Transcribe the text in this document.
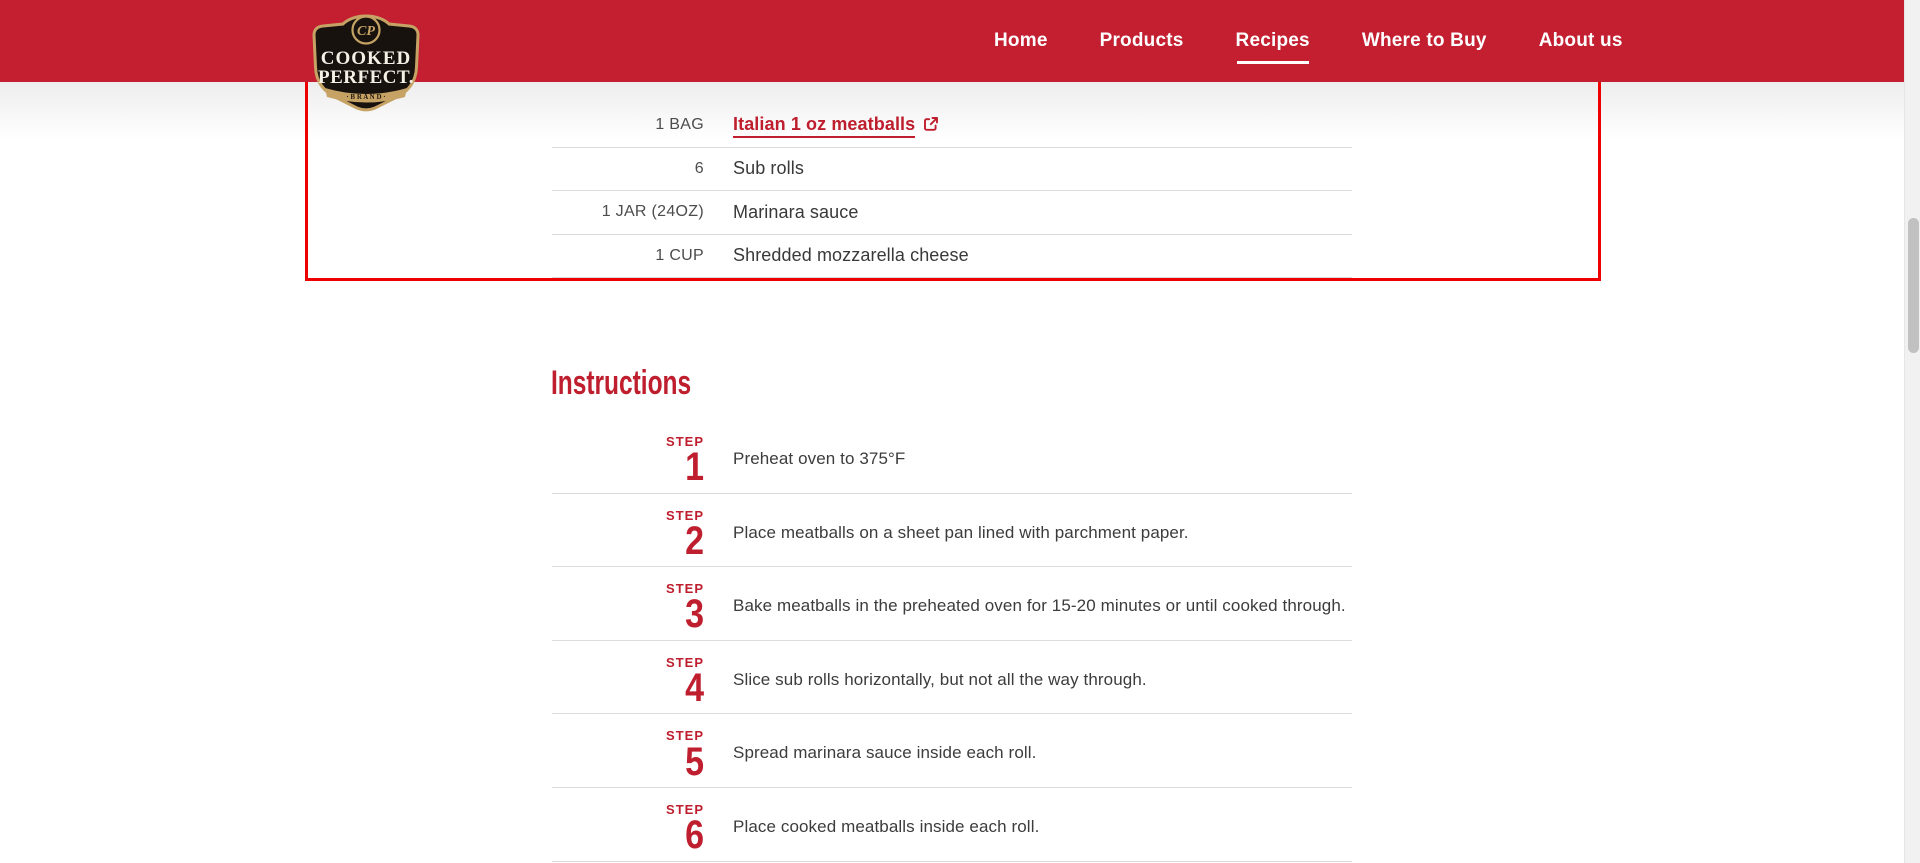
1 BAG Italian 1 oz meatballs
6 Sub rolls
1 JAR (24OZ) Marinara sauce
1 CUP Shredded mozzarella cheese
Instructions
STEP
1 Preheat oven to 375°F
STEP
2 Place meatballs on a sheet pan lined with parchment paper.
STEP
3 Bake meatballs in the preheated oven for 15-20 minutes or until cooked through.
STEP
4 Slice sub rolls horizontally, but not all the way through.
STEP
5 Spread marinara sauce inside each roll.
STEP
6 Place cooked meatballs inside each roll.
Home	Products	Recipes	Where to Buy	About us
CP
COOKED
PERFECT.
· B R A N D ·
